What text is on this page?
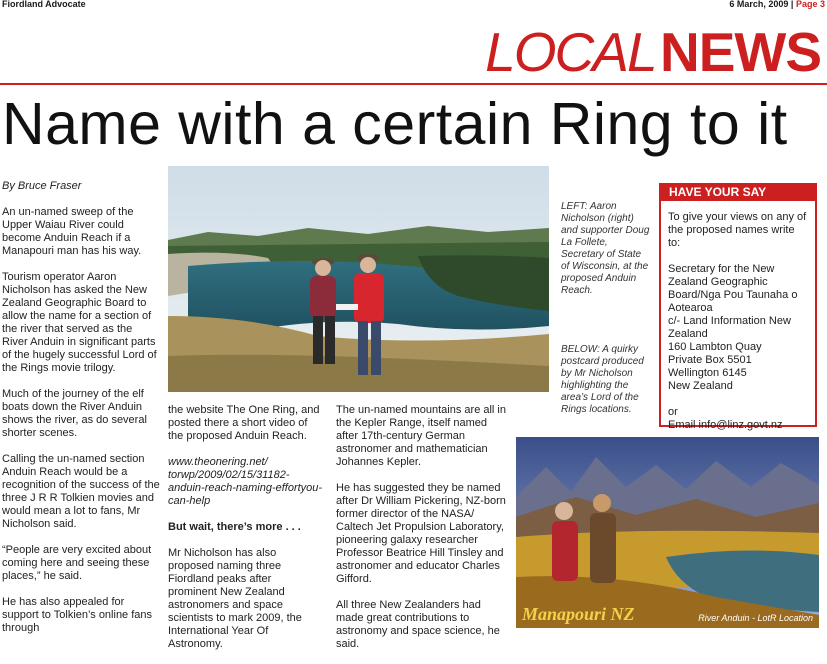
Fiordland Advocate	6 March, 2009 | Page 3
LOCAL NEWS
Name with a certain Ring to it

By Bruce Fraser

An un-named sweep of the Upper Waiau River could become Anduin Reach if a Manapouri man has his way.

Tourism operator Aaron Nicholson has asked the New Zealand Geographic Board to allow the name for a section of the river that served as the River Anduin in significant parts of the hugely successful Lord of the Rings movie trilogy.

Much of the journey of the elf boats down the River Anduin shows the river, as do several shorter scenes.

Calling the un-named section Anduin Reach would be a recognition of the success of the three J R R Tolkien movies and would mean a lot to fans, Mr Nicholson said.

“People are very excited about coming here and seeing these places,” he said.

He has also appealed for support to Tolkien’s online fans through

the website The One Ring, and posted there a short video of the proposed Anduin Reach.

www.theonering.net/ torwp/2009/02/15/31182- anduin-reach-naming-effortyou- can-help

But wait, there’s more . . .

Mr Nicholson has also proposed naming three Fiordland peaks after prominent New Zealand astronomers and space scientists to mark 2009, the International Year Of Astronomy.

The un-named mountains are all in the Kepler Range, itself named after 17th-century German astronomer and mathematician Johannes Kepler.

He has suggested they be named after Dr William Pickering, NZ-born former director of the NASA/ Caltech Jet Propulsion Laboratory, pioneering galaxy researcher Professor Beatrice Hill Tinsley and astronomer and educator Charles Gifford.

All three New Zealanders had made great contributions to astronomy and space science, he said.

LEFT: Aaron Nicholson (right) and supporter Doug La Follete, Secretary of State of Wisconsin, at the proposed Anduin Reach.
BELOW: A quirky postcard produced by Mr Nicholson highlighting the area’s Lord of the Rings locations.
HAVE YOUR SAY

To give your views on any of the proposed names write to:

Secretary for the New Zealand Geographic Board/Nga Pou Taunaha o Aotearoa
c/- Land Information New Zealand
160 Lambton Quay
Private Box 5501
Wellington 6145
New Zealand
or
Email info@linz.govt.nz
Manapouri NZ	River Anduin - LotR Location
